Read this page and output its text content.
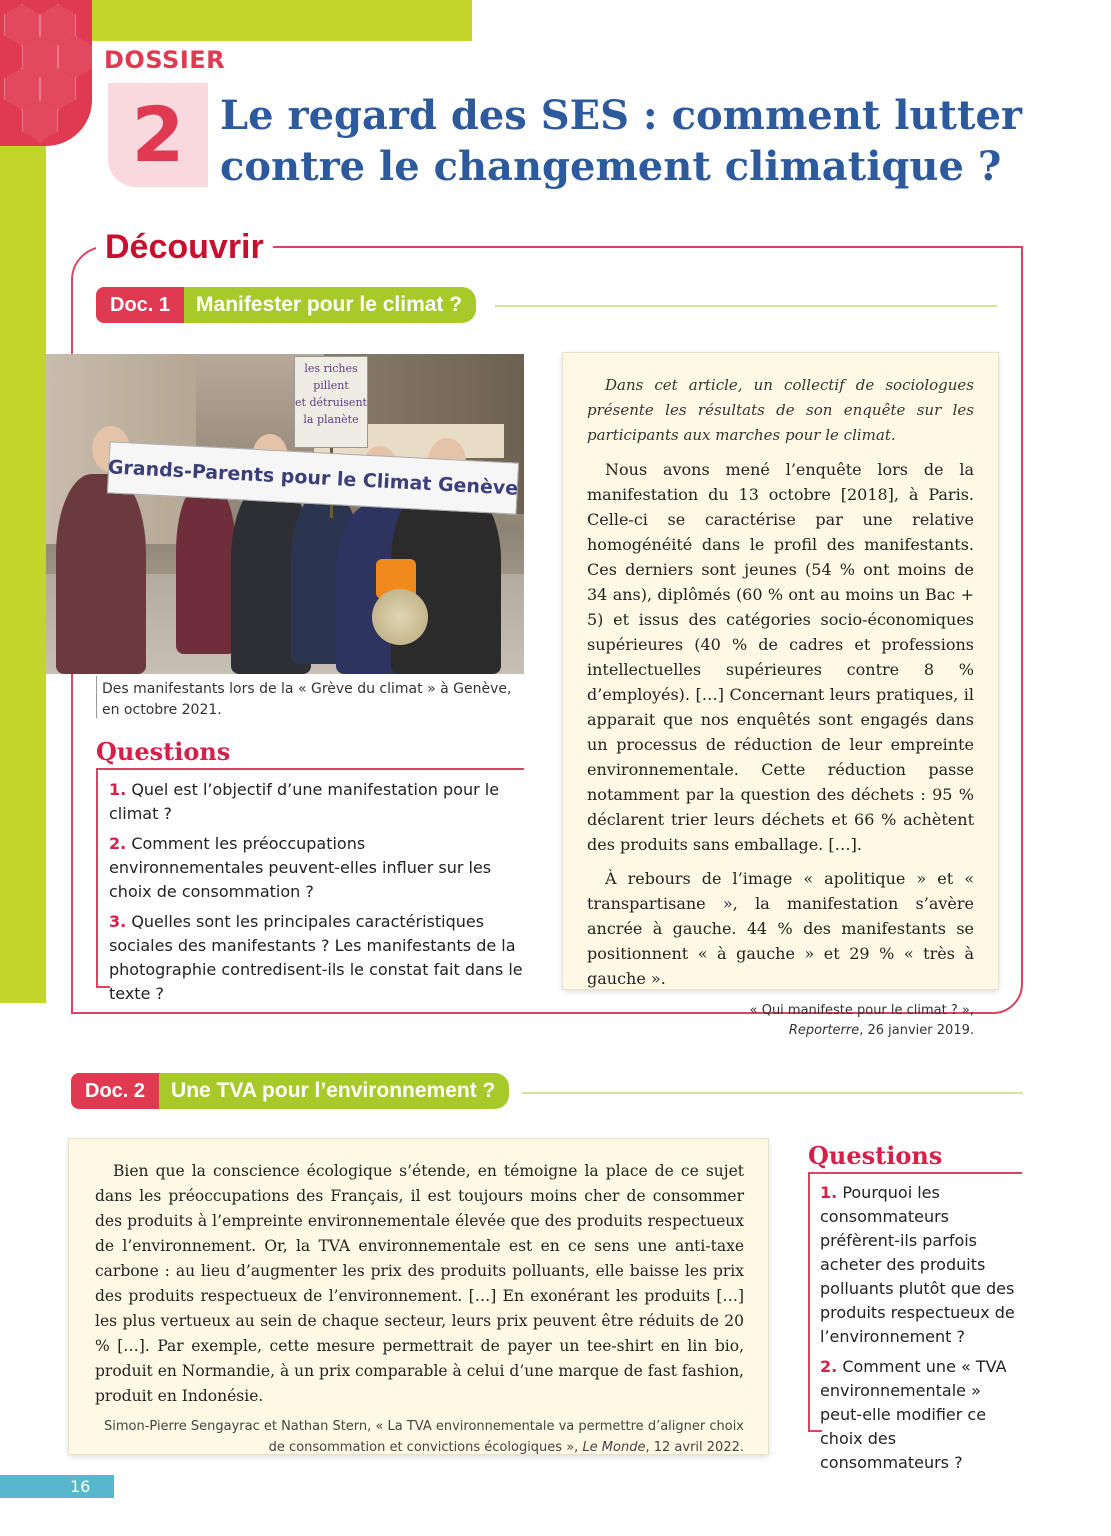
DOSSIER
2 Le regard des SES : comment lutter
contre le changement climatique ?
Découvrir
Doc. 1	Manifester pour le climat ?
les riches pillent
et détruisent
la planète
Grands-Parents pour le Climat Genève
Des manifestants lors de la « Grève du climat » à Genève,
en octobre 2021.
Questions
1. Quel est l’objectif d’une manifestation pour le climat ?
2. Comment les préoccupations environnementales peuvent-elles influer sur les choix de consommation ?
3. Quelles sont les principales caractéristiques sociales des manifestants ? Les manifestants de la photographie contredisent-ils le constat fait dans le texte ?

Dans cet article, un collectif de sociologues présente les résultats de son enquête sur les participants aux marches pour le climat.

Nous avons mené l’enquête lors de la manifestation du 13 octobre [2018], à Paris. Celle-ci se caractérise par une relative homogénéité dans le profil des manifestants. Ces derniers sont jeunes (54 % ont moins de 34 ans), diplômés (60 % ont au moins un Bac + 5) et issus des catégories socio-économiques supérieures (40 % de cadres et professions intellectuelles supérieures contre 8 % d’employés). […] Concernant leurs pratiques, il apparait que nos enquêtés sont engagés dans un processus de réduction de leur empreinte environnementale. Cette réduction passe notamment par la question des déchets : 95 % déclarent trier leurs déchets et 66 % achètent des produits sans emballage. […].

À rebours de l’image « apolitique » et « transpartisane », la manifestation s’avère ancrée à gauche. 44 % des manifestants se positionnent « à gauche » et 29 % « très à gauche ».

« Qui manifeste pour le climat ? »,
Reporterre, 26 janvier 2019.
Doc. 2	Une TVA pour l’environnement ?

Bien que la conscience écologique s’étende, en témoigne la place de ce sujet dans les préoccupations des Français, il est toujours moins cher de consommer des produits à l’empreinte environnementale élevée que des produits respectueux de l’environnement. Or, la TVA environnementale est en ce sens une anti-taxe carbone : au lieu d’augmenter les prix des produits polluants, elle baisse les prix des produits respectueux de l’environnement. […] En exonérant les produits […] les plus vertueux au sein de chaque secteur, leurs prix peuvent être réduits de 20 % […]. Par exemple, cette mesure permettrait de payer un tee-shirt en lin bio, produit en Normandie, à un prix comparable à celui d’une marque de fast fashion, produit en Indonésie.

Simon-Pierre Sengayrac et Nathan Stern, « La TVA environnementale va permettre d’aligner choix
de consommation et convictions écologiques », Le Monde, 12 avril 2022.
Questions
1. Pourquoi les consommateurs préfèrent-ils parfois acheter des produits polluants plutôt que des produits respectueux de l’environnement ?
2. Comment une « TVA environnementale » peut-elle modifier ce choix des consommateurs ?
16
